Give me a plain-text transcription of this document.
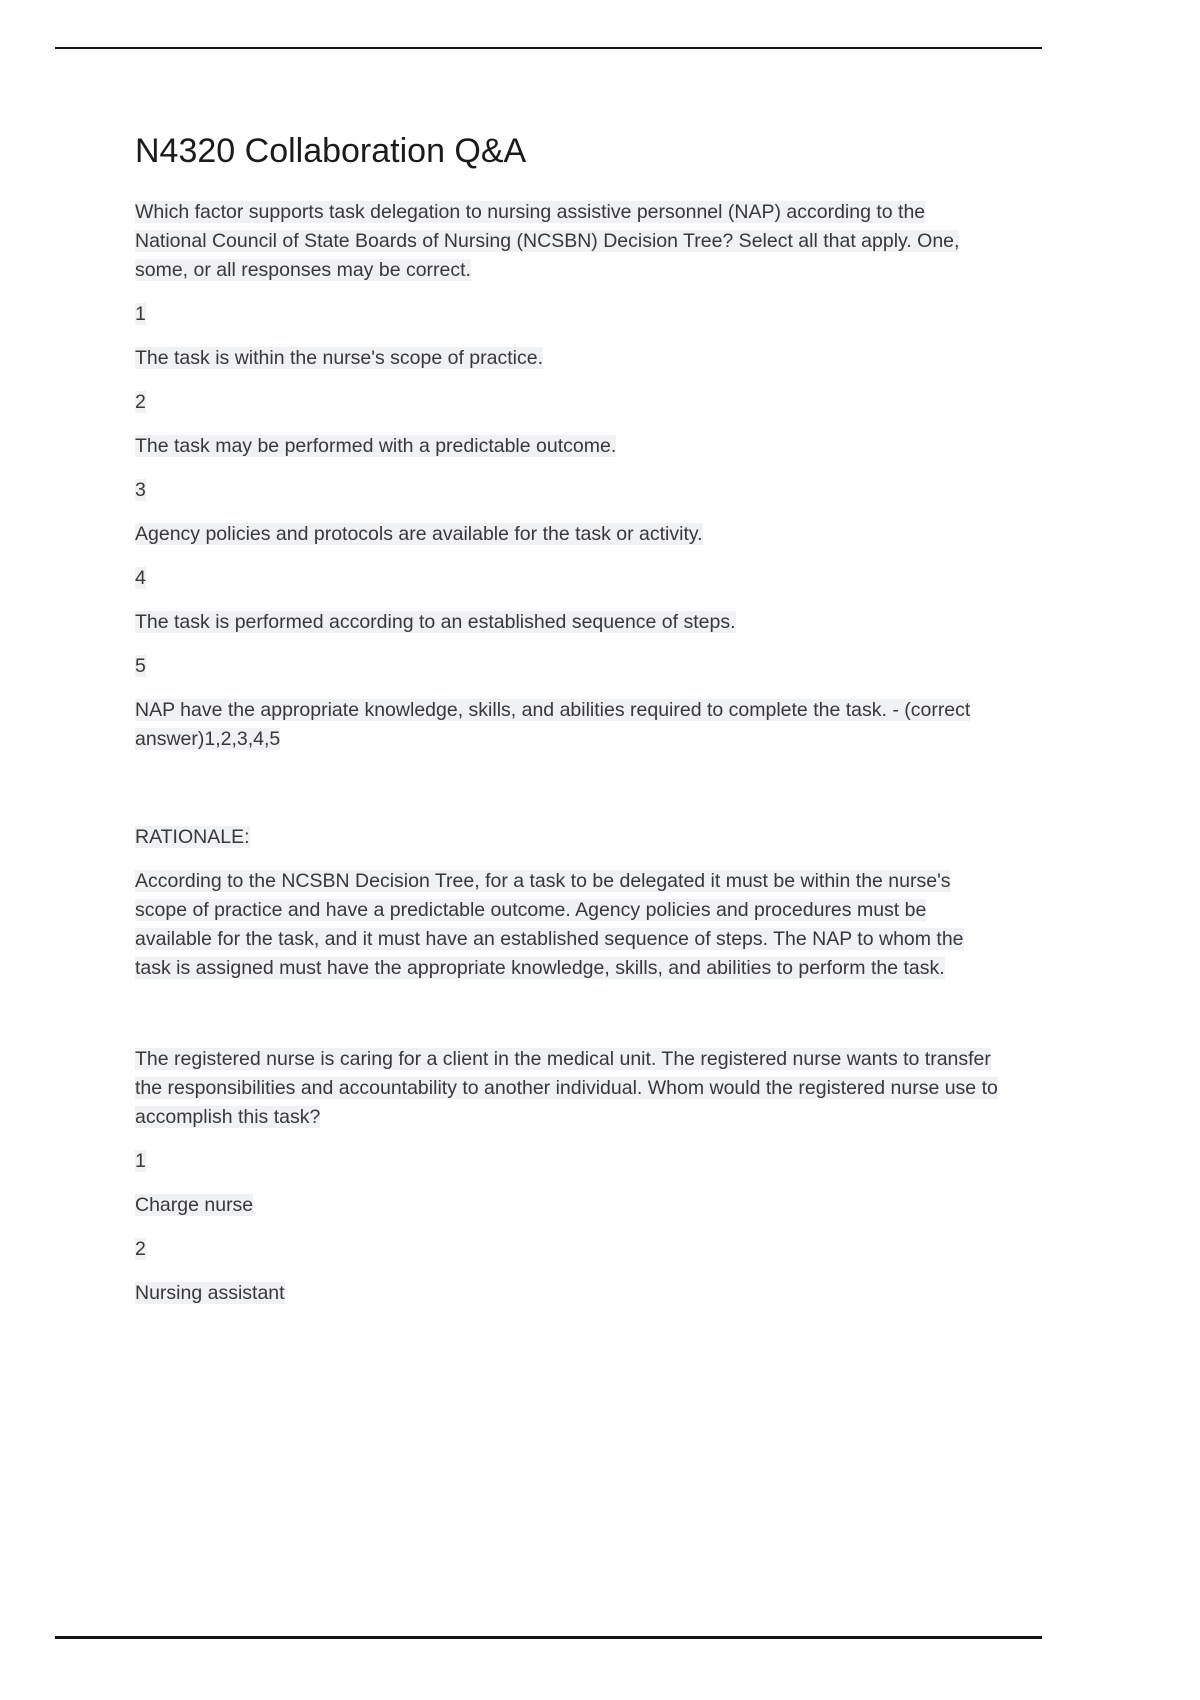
N4320 Collaboration Q&A

Which factor supports task delegation to nursing assistive personnel (NAP) according to the National Council of State Boards of Nursing (NCSBN) Decision Tree? Select all that apply. One, some, or all responses may be correct.

1

The task is within the nurse's scope of practice.

2

The task may be performed with a predictable outcome.

3

Agency policies and protocols are available for the task or activity.

4

The task is performed according to an established sequence of steps.

5

NAP have the appropriate knowledge, skills, and abilities required to complete the task. - (correct answer)1,2,3,4,5

RATIONALE:

According to the NCSBN Decision Tree, for a task to be delegated it must be within the nurse's scope of practice and have a predictable outcome. Agency policies and procedures must be available for the task, and it must have an established sequence of steps. The NAP to whom the task is assigned must have the appropriate knowledge, skills, and abilities to perform the task.

The registered nurse is caring for a client in the medical unit. The registered nurse wants to transfer the responsibilities and accountability to another individual. Whom would the registered nurse use to accomplish this task?

1

Charge nurse

2

Nursing assistant
